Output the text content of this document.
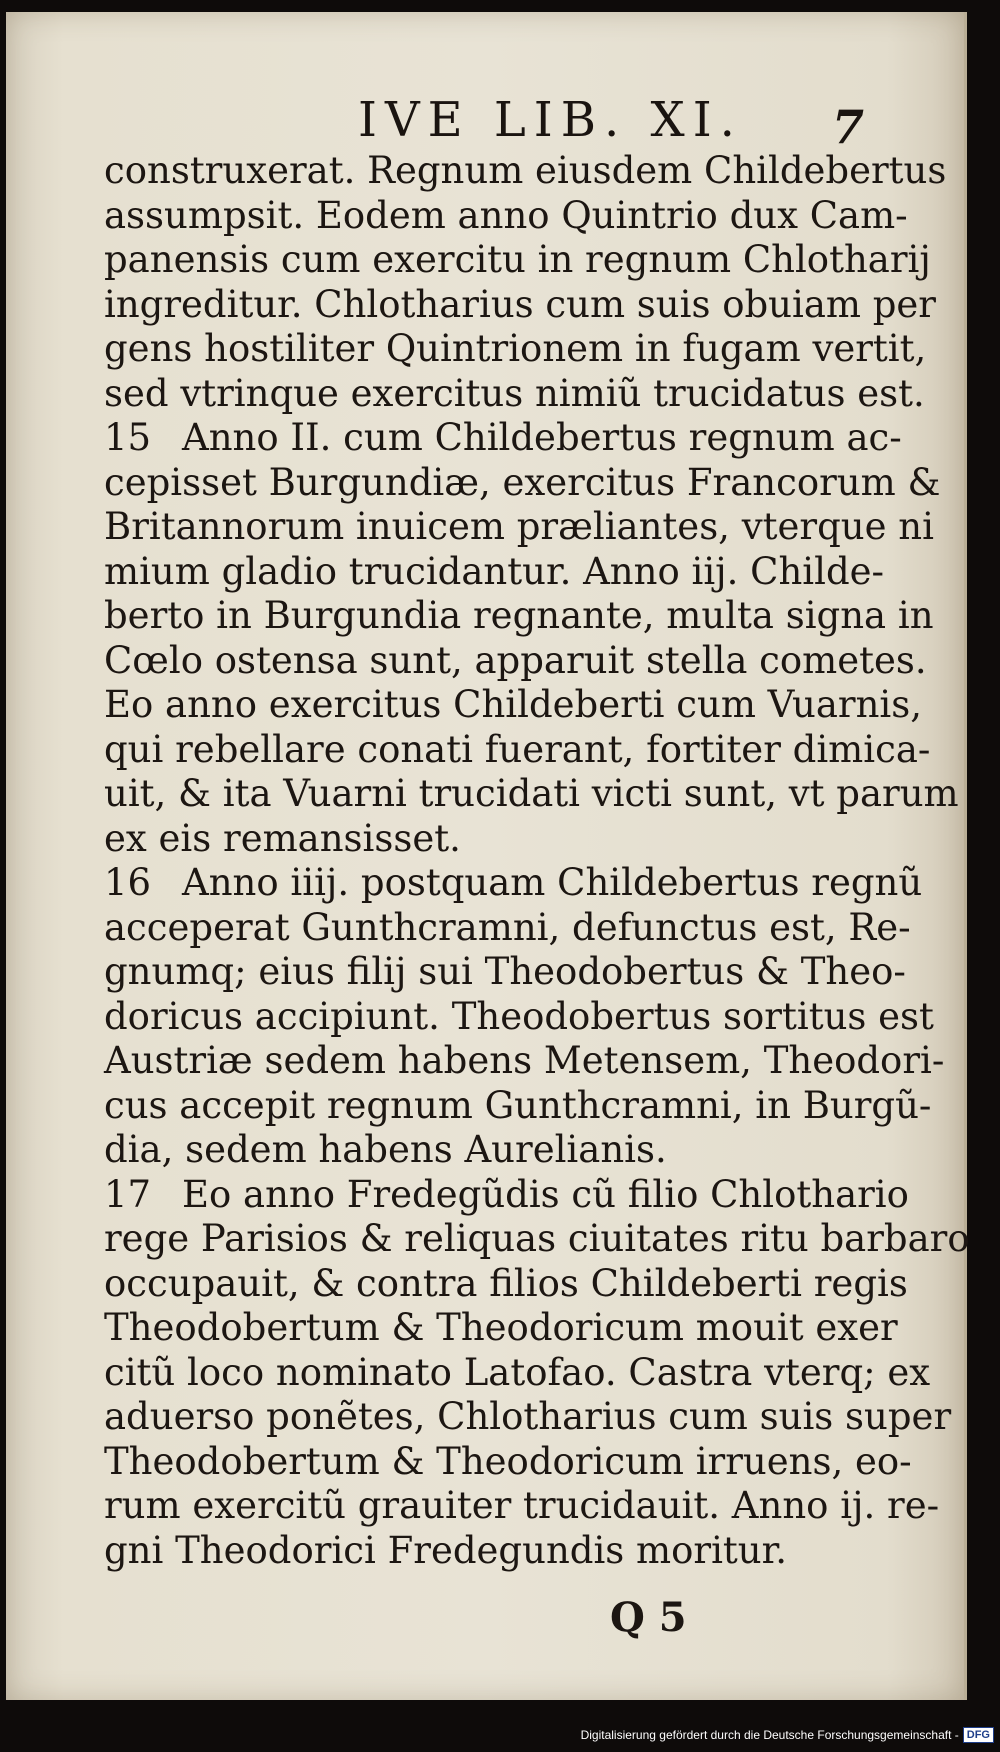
IVE LIB. XI. 7
construxerat. Regnum eiusdem Childebertus
assumpsit. Eodem anno Quintrio dux Cam-
panensis cum exercitu in regnum Chlotharij
ingreditur. Chlotharius cum suis obuiam per
gens hostiliter Quintrionem in fugam vertit,
sed vtrinque exercitus nimiũ trucidatus est.
15 Anno II. cum Childebertus regnum ac-
cepisset Burgundiæ, exercitus Francorum &
Britannorum inuicem præliantes, vterque ni
mium gladio trucidantur. Anno iij. Childe-
berto in Burgundia regnante, multa signa in
Cœlo ostensa sunt, apparuit stella cometes.
Eo anno exercitus Childeberti cum Vuarnis,
qui rebellare conati fuerant, fortiter dimica-
uit, & ita Vuarni trucidati victi sunt, vt parum
ex eis remansisset.
16 Anno iiij. postquam Childebertus regnũ
acceperat Gunthcramni, defunctus est, Re-
gnumq; eius filij sui Theodobertus & Theo-
doricus accipiunt. Theodobertus sortitus est
Austriæ sedem habens Metensem, Theodori-
cus accepit regnum Gunthcramni, in Burgũ-
dia, sedem habens Aurelianis.
17 Eo anno Fredegũdis cũ filio Chlothario
rege Parisios & reliquas ciuitates ritu barbaro
occupauit, & contra filios Childeberti regis
Theodobertum & Theodoricum mouit exer
citũ loco nominato Latofao. Castra vterq; ex
aduerso ponẽtes, Chlotharius cum suis super
Theodobertum & Theodoricum irruens, eo-
rum exercitũ grauiter trucidauit. Anno ij. re-
gni Theodorici Fredegundis moritur.
Q 5
Digitalisierung gefördert durch die Deutsche Forschungsgemeinschaft - DFG
